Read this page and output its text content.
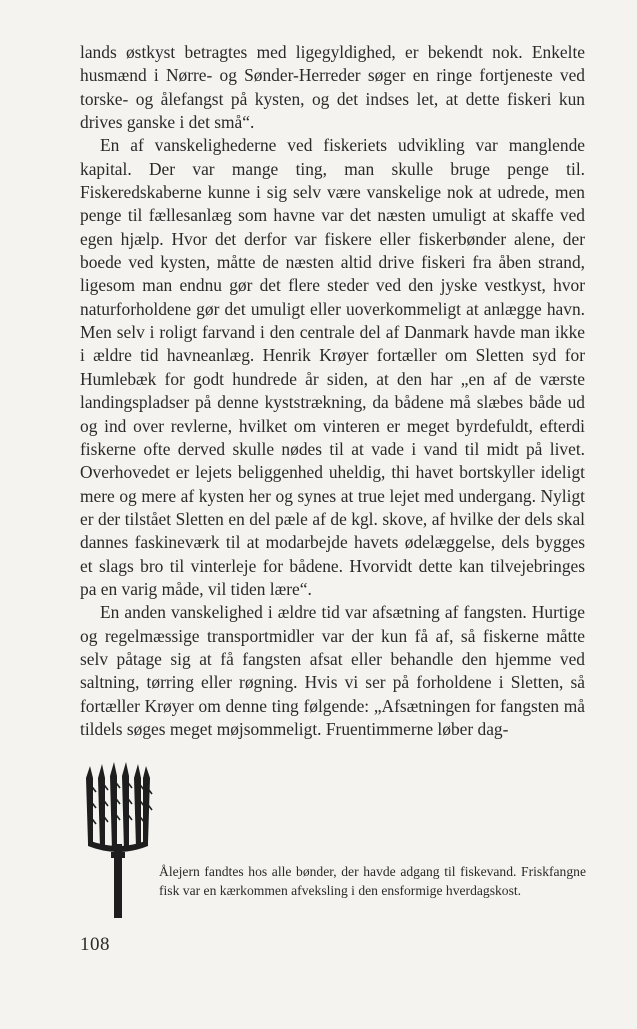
lands østkyst betragtes med ligegyldighed, er bekendt nok. Enkelte husmænd i Nørre- og Sønder-Herreder søger en ringe fortjeneste ved torske- og ålefangst på kysten, og det indses let, at dette fiskeri kun drives ganske i det små“.

En af vanskelighederne ved fiskeriets udvikling var manglende kapital. Der var mange ting, man skulle bruge penge til. Fiskeredskaberne kunne i sig selv være vanskelige nok at udrede, men penge til fællesanlæg som havne var det næsten umuligt at skaffe ved egen hjælp. Hvor det derfor var fiskere eller fiskerbønder alene, der boede ved kysten, måtte de næsten altid drive fiskeri fra åben strand, ligesom man endnu gør det flere steder ved den jyske vestkyst, hvor naturforholdene gør det umuligt eller uoverkommeligt at anlægge havn. Men selv i roligt farvand i den centrale del af Danmark havde man ikke i ældre tid havneanlæg. Henrik Krøyer fortæller om Sletten syd for Humlebæk for godt hundrede år siden, at den har „en af de værste landingspladser på denne kyststrækning, da bådene må slæbes både ud og ind over revlerne, hvilket om vinteren er meget byrdefuldt, efterdi fiskerne ofte derved skulle nødes til at vade i vand til midt på livet. Overhovedet er lejets beliggenhed uheldig, thi havet bortskyller ideligt mere og mere af kysten her og synes at true lejet med undergang. Nyligt er der tilstået Sletten en del pæle af de kgl. skove, af hvilke der dels skal dannes faskineværk til at modarbejde havets ødelæggelse, dels bygges et slags bro til vinterleje for bådene. Hvorvidt dette kan tilvejebringes pa en varig måde, vil tiden lære“.

En anden vanskelighed i ældre tid var afsætning af fangsten. Hurtige og regelmæssige transportmidler var der kun få af, så fiskerne måtte selv påtage sig at få fangsten afsat eller behandle den hjemme ved saltning, tørring eller røgning. Hvis vi ser på forholdene i Sletten, så fortæller Krøyer om denne ting følgende: „Afsætningen for fangsten må tildels søges meget møjsommeligt. Fruentimmerne løber dag-

Ålejern fandtes hos alle bønder, der havde adgang til fiskevand. Friskfangne fisk var en kærkommen afveksling i den ensformige hverdagskost.
108
